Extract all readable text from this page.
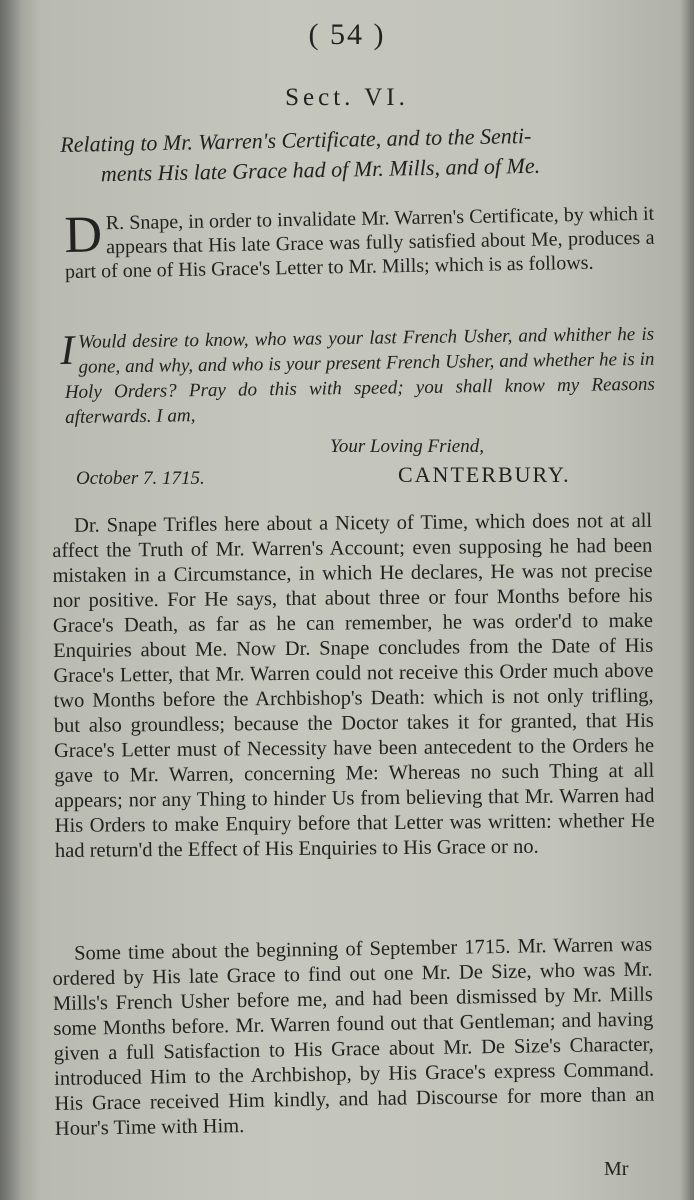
( 54 )
Sect. VI.
Relating to Mr. Warren's Certificate, and to the Senti-
ments His late Grace had of Mr. Mills, and of Me.
D R. Snape, in order to invalidate Mr. Warren's Certificate, by which it appears that His late Grace was fully satisfied about Me, produces a part of one of His Grace's Letter to Mr. Mills; which is as follows.
I Would desire to know, who was your last French Usher, and whither he is gone, and why, and who is your present French Usher, and whether he is in Holy Orders? Pray do this with speed; you shall know my Reasons afterwards. I am,
Your Loving Friend,
October 7. 1715.	CANTERBURY.
Dr. Snape Trifles here about a Nicety of Time, which does not at all affect the Truth of Mr. Warren's Account; even supposing he had been mistaken in a Circumstance, in which He declares, He was not precise nor positive. For He says, that about three or four Months before his Grace's Death, as far as he can remember, he was order'd to make Enquiries about Me. Now Dr. Snape concludes from the Date of His Grace's Letter, that Mr. Warren could not receive this Order much above two Months before the Archbishop's Death: which is not only trifling, but also groundless; because the Doctor takes it for granted, that His Grace's Letter must of Necessity have been antecedent to the Orders he gave to Mr. Warren, concerning Me: Whereas no such Thing at all appears; nor any Thing to hinder Us from believing that Mr. Warren had His Orders to make Enquiry before that Letter was written: whether He had return'd the Effect of His Enquiries to His Grace or no.
Some time about the beginning of September 1715. Mr. Warren was ordered by His late Grace to find out one Mr. De Size, who was Mr. Mills's French Usher before me, and had been dismissed by Mr. Mills some Months before. Mr. Warren found out that Gentleman; and having given a full Satisfaction to His Grace about Mr. De Size's Character, introduced Him to the Archbishop, by His Grace's express Command. His Grace received Him kindly, and had Discourse for more than an Hour's Time with Him.
Mr
